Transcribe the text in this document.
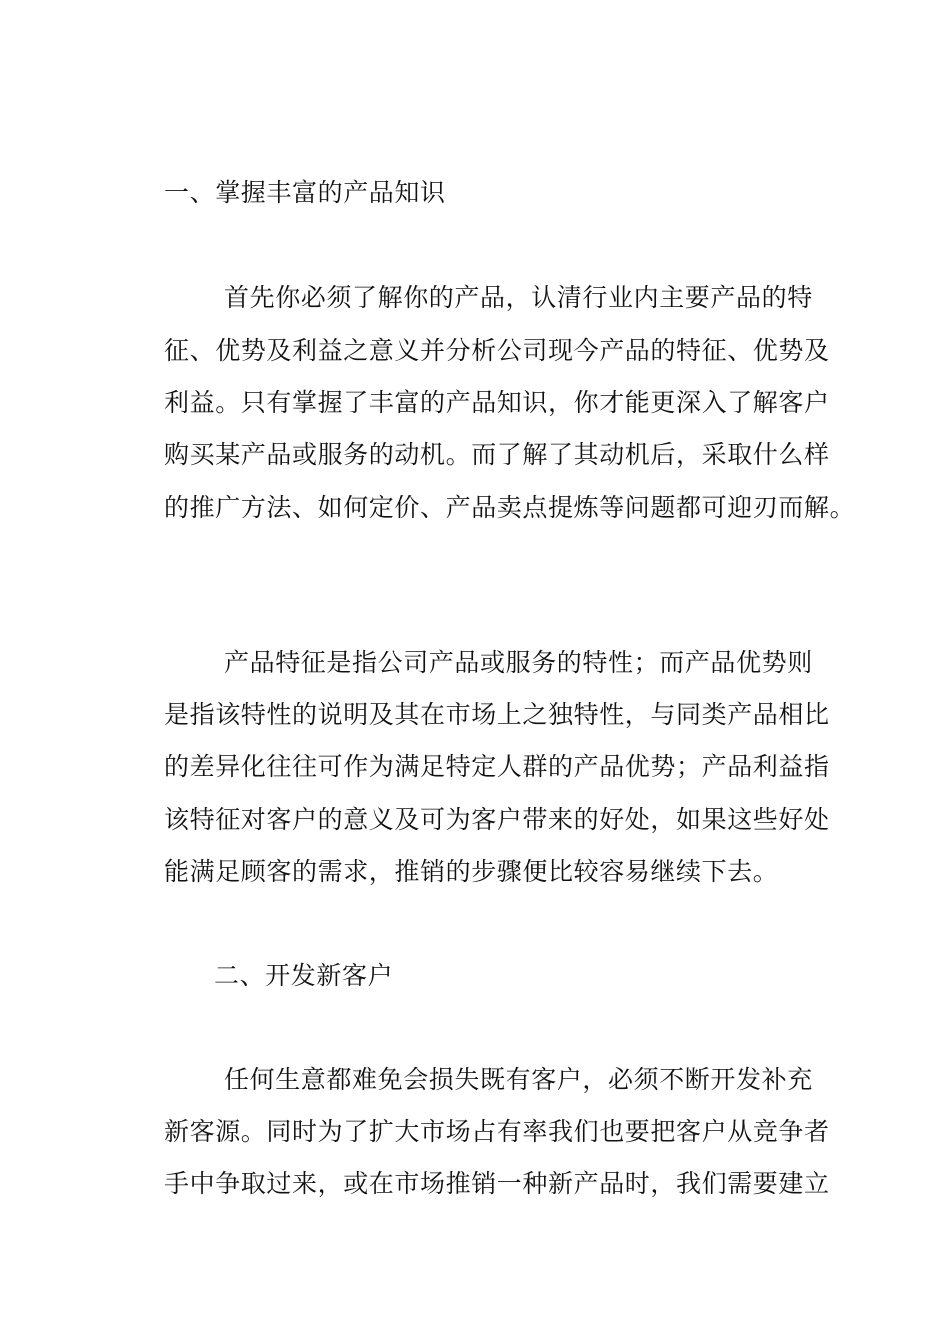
一、掌握丰富的产品知识
首先你必须了解你的产品，认清行业内主要产品的特
征、优势及利益之意义并分析公司现今产品的特征、优势及
利益。只有掌握了丰富的产品知识，你才能更深入了解客户
购买某产品或服务的动机。而了解了其动机后，采取什么样
的推广方法、如何定价、产品卖点提炼等问题都可迎刃而解。
产品特征是指公司产品或服务的特性；而产品优势则
是指该特性的说明及其在市场上之独特性，与同类产品相比
的差异化往往可作为满足特定人群的产品优势；产品利益指
该特征对客户的意义及可为客户带来的好处，如果这些好处
能满足顾客的需求，推销的步骤便比较容易继续下去。
二、开发新客户
任何生意都难免会损失既有客户，必须不断开发补充
新客源。同时为了扩大市场占有率我们也要把客户从竞争者
手中争取过来，或在市场推销一种新产品时，我们需要建立
